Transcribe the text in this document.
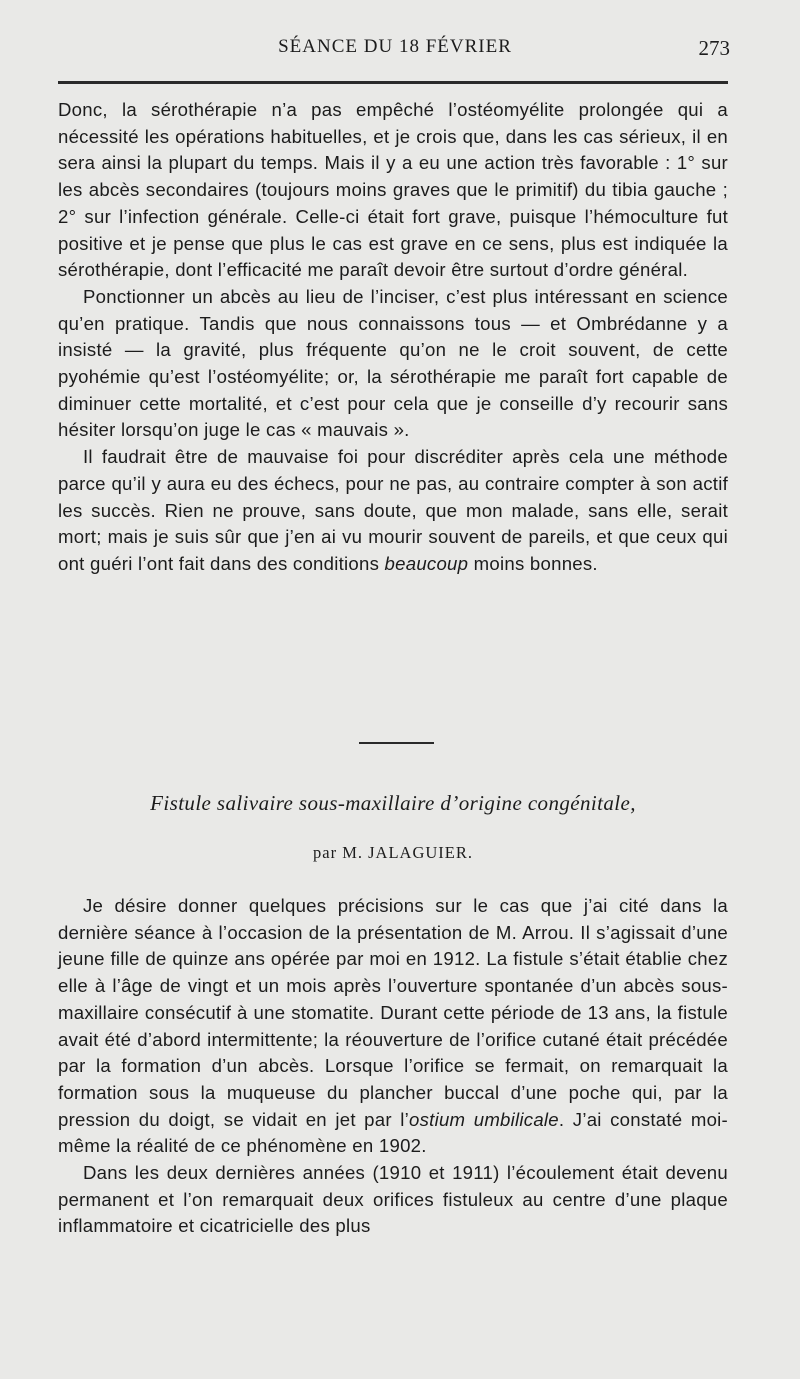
SÉANCE DU 18 FÉVRIER	273

Donc, la sérothérapie n’a pas empêché l’ostéomyélite prolongée qui a nécessité les opérations habituelles, et je crois que, dans les cas sérieux, il en sera ainsi la plupart du temps. Mais il y a eu une action très favorable : 1° sur les abcès secondaires (toujours moins graves que le primitif) du tibia gauche ; 2° sur l’infection générale. Celle-ci était fort grave, puisque l’hémoculture fut positive et je pense que plus le cas est grave en ce sens, plus est indiquée la sérothérapie, dont l’efficacité me paraît devoir être surtout d’ordre général.

Ponctionner un abcès au lieu de l’inciser, c’est plus intéressant en science qu’en pratique. Tandis que nous connaissons tous — et Ombrédanne y a insisté — la gravité, plus fréquente qu’on ne le croit souvent, de cette pyohémie qu’est l’ostéomyélite; or, la sérothérapie me paraît fort capable de diminuer cette mortalité, et c’est pour cela que je conseille d’y recourir sans hésiter lorsqu’on juge le cas « mauvais ».

Il faudrait être de mauvaise foi pour discréditer après cela une méthode parce qu’il y aura eu des échecs, pour ne pas, au contraire compter à son actif les succès. Rien ne prouve, sans doute, que mon malade, sans elle, serait mort; mais je suis sûr que j’en ai vu mourir souvent de pareils, et que ceux qui ont guéri l’ont fait dans des conditions beaucoup moins bonnes.

Fistule salivaire sous-maxillaire d’origine congénitale,
par M. JALAGUIER.

Je désire donner quelques précisions sur le cas que j’ai cité dans la dernière séance à l’occasion de la présentation de M. Arrou. Il s’agissait d’une jeune fille de quinze ans opérée par moi en 1912. La fistule s’était établie chez elle à l’âge de vingt et un mois après l’ouverture spontanée d’un abcès sous-maxillaire consécutif à une stomatite. Durant cette période de 13 ans, la fistule avait été d’abord intermittente; la réouverture de l’orifice cutané était précédée par la formation d’un abcès. Lorsque l’orifice se fermait, on remarquait la formation sous la muqueuse du plancher buccal d’une poche qui, par la pression du doigt, se vidait en jet par l’ostium umbilicale. J’ai constaté moi-même la réalité de ce phénomène en 1902.

Dans les deux dernières années (1910 et 1911) l’écoulement était devenu permanent et l’on remarquait deux orifices fistuleux au centre d’une plaque inflammatoire et cicatricielle des plus
